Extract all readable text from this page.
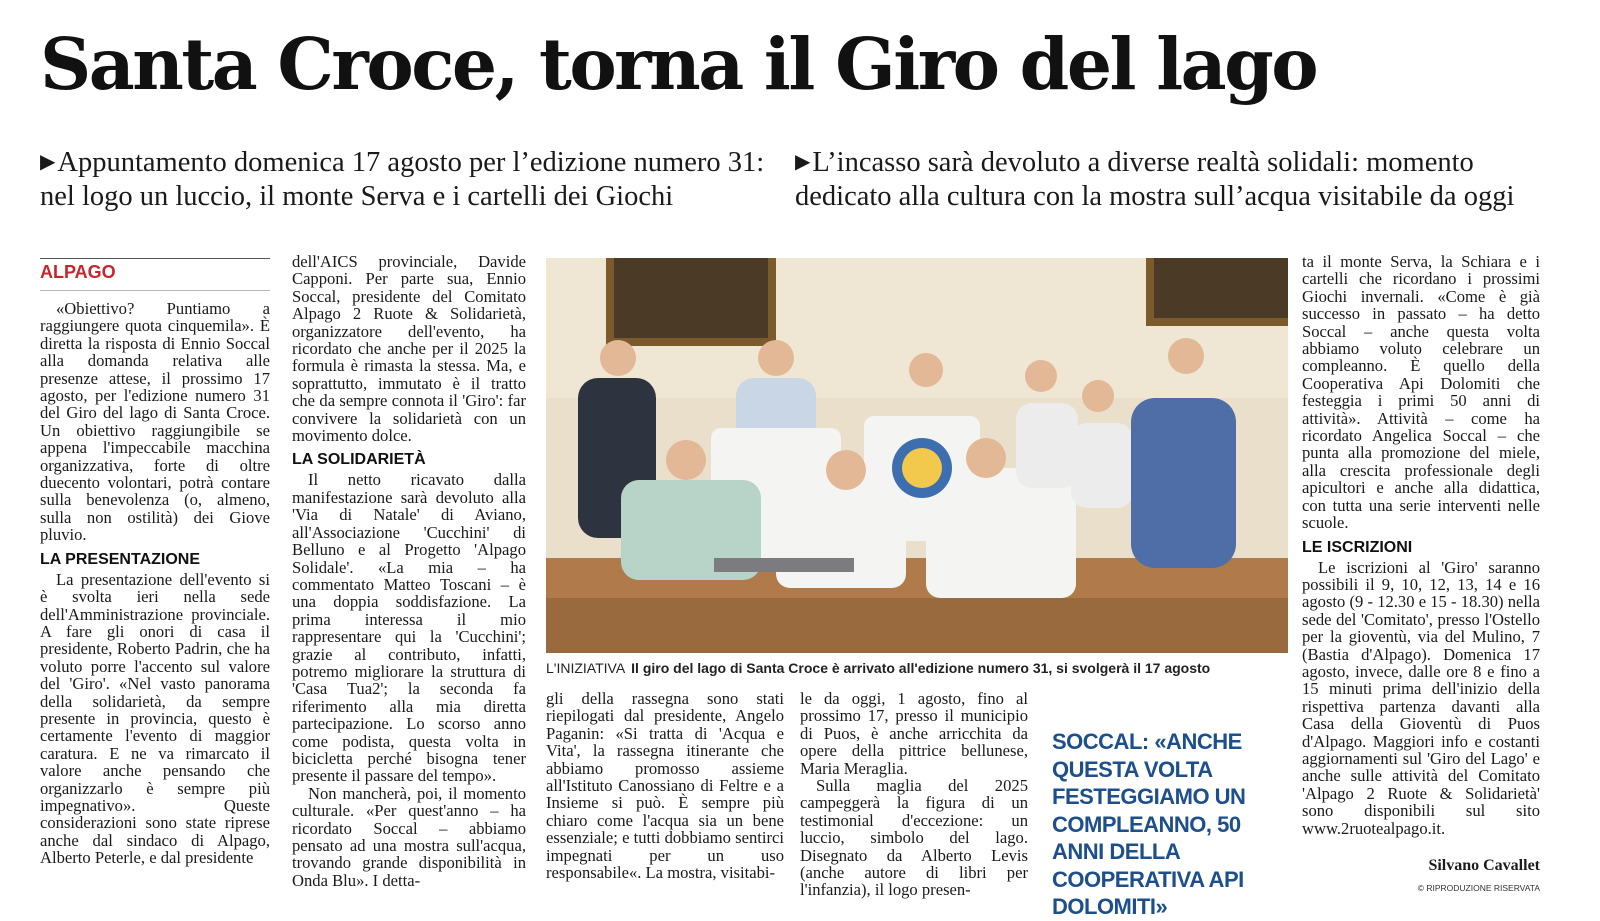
Santa Croce, torna il Giro del lago
▶Appuntamento domenica 17 agosto per l’edizione numero 31: nel logo un luccio, il monte Serva e i cartelli dei Giochi
▶L’incasso sarà devoluto a diverse realtà solidali: momento dedicato alla cultura con la mostra sull’acqua visitabile da oggi
ALPAGO

«Obiettivo? Puntiamo a raggiungere quota cinquemila». È diretta la risposta di Ennio Soccal alla domanda relativa alle presenze attese, il prossimo 17 agosto, per l'edizione numero 31 del Giro del lago di Santa Croce. Un obiettivo raggiungibile se appena l'impeccabile macchina organizzativa, forte di oltre duecento volontari, potrà contare sulla benevolenza (o, almeno, sulla non ostilità) dei Giove pluvio.

LA PRESENTAZIONE

La presentazione dell'evento si è svolta ieri nella sede dell'Amministrazione provinciale. A fare gli onori di casa il presidente, Roberto Padrin, che ha voluto porre l'accento sul valore del 'Giro'. «Nel vasto panorama della solidarietà, da sempre presente in provincia, questo è certamente l'evento di maggior caratura. E ne va rimarcato il valore anche pensando che organizzarlo è sempre più impegnativo». Queste considerazioni sono state riprese anche dal sindaco di Alpago, Alberto Peterle, e dal presidente

dell'AICS provinciale, Davide Capponi. Per parte sua, Ennio Soccal, presidente del Comitato Alpago 2 Ruote & Solidarietà, organizzatore dell'evento, ha ricordato che anche per il 2025 la formula è rimasta la stessa. Ma, e soprattutto, immutato è il tratto che da sempre connota il 'Giro': far convivere la solidarietà con un movimento dolce.

LA SOLIDARIETÀ

Il netto ricavato dalla manifestazione sarà devoluto alla 'Via di Natale' di Aviano, all'Associazione 'Cucchini' di Belluno e al Progetto 'Alpago Solidale'. «La mia – ha commentato Matteo Toscani – è una doppia soddisfazione. La prima interessa il mio rappresentare qui la 'Cucchini'; grazie al contributo, infatti, potremo migliorare la struttura di 'Casa Tua2'; la seconda fa riferimento alla mia diretta partecipazione. Lo scorso anno come podista, questa volta in bicicletta perché bisogna tener presente il passare del tempo».

Non mancherà, poi, il momento culturale. «Per quest'anno – ha ricordato Soccal – abbiamo pensato ad una mostra sull'acqua, trovando grande disponibilità in Onda Blu». I detta-

L'INIZIATIVA Il giro del lago di Santa Croce è arrivato all'edizione numero 31, si svolgerà il 17 agosto

gli della rassegna sono stati riepilogati dal presidente, Angelo Paganin: «Si tratta di 'Acqua e Vita', la rassegna itinerante che abbiamo promosso assieme all'Istituto Canossiano di Feltre e a Insieme si può. È sempre più chiaro come l'acqua sia un bene essenziale; e tutti dobbiamo sentirci impegnati per un uso responsabile«. La mostra, visitabi-

le da oggi, 1 agosto, fino al prossimo 17, presso il municipio di Puos, è anche arricchita da opere della pittrice bellunese, Maria Meraglia.

Sulla maglia del 2025 campeggerà la figura di un testimonial d'eccezione: un luccio, simbolo del lago. Disegnato da Alberto Levis (anche autore di libri per l'infanzia), il logo presen-

SOCCAL: «ANCHE QUESTA VOLTA FESTEGGIAMO UN COMPLEANNO, 50 ANNI DELLA COOPERATIVA API DOLOMITI»

ta il monte Serva, la Schiara e i cartelli che ricordano i prossimi Giochi invernali. «Come è già successo in passato – ha detto Soccal – anche questa volta abbiamo voluto celebrare un compleanno. È quello della Cooperativa Api Dolomiti che festeggia i primi 50 anni di attività». Attività – come ha ricordato Angelica Soccal – che punta alla promozione del miele, alla crescita professionale degli apicultori e anche alla didattica, con tutta una serie interventi nelle scuole.

LE ISCRIZIONI

Le iscrizioni al 'Giro' saranno possibili il 9, 10, 12, 13, 14 e 16 agosto (9 - 12.30 e 15 - 18.30) nella sede del 'Comitato', presso l'Ostello per la gioventù, via del Mulino, 7 (Bastia d'Alpago). Domenica 17 agosto, invece, dalle ore 8 e fino a 15 minuti prima dell'inizio della rispettiva partenza davanti alla Casa della Gioventù di Puos d'Alpago. Maggiori info e costanti aggiornamenti sul 'Giro del Lago' e anche sulle attività del Comitato 'Alpago 2 Ruote & Solidarietà' sono disponibili sul sito www.2ruotealpago.it.

Silvano Cavallet
© RIPRODUZIONE RISERVATA
